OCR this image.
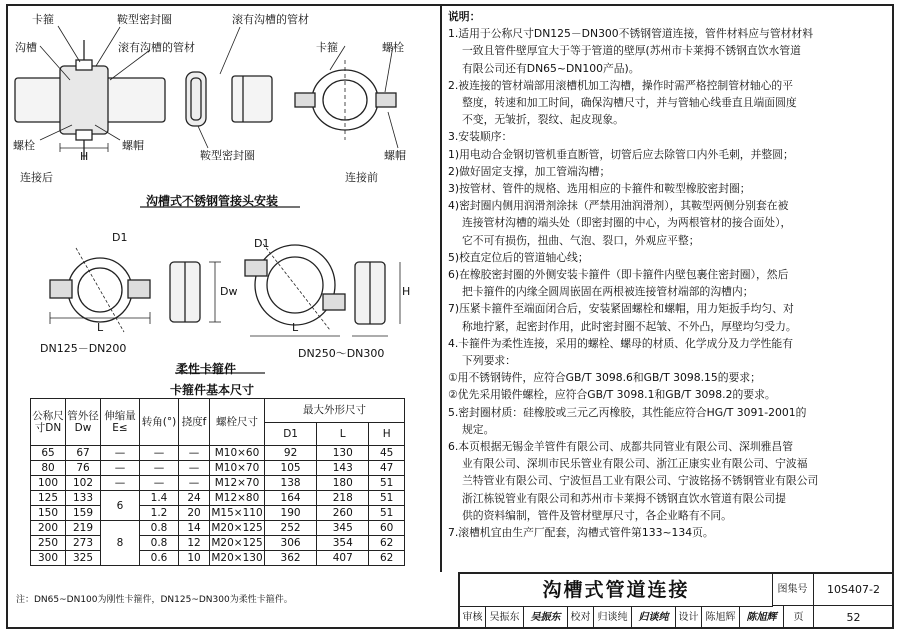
卡箍	鞍型密封圈	滚有沟槽的管材
沟槽	滚有沟槽的管材	卡箍	螺栓
螺栓
H
螺帽
鞍型密封圈	螺帽
连接后	连接前
沟槽式不锈钢管接头安装
D1	D1
Dw
L	L
H
DN125－DN200	DN250～DN300
柔性卡箍件
卡箍件基本尺寸
公称尺寸DN	管外径Dw	伸缩量E≤	转角(°)	挠度f	螺栓尺寸	最大外形尺寸		
						D1	L	H
65	67	—	—	—	M10×60	92	130	45
80	76	—	—	—	M10×70	105	143	47
100	102	—	—	—	M12×70	138	180	51
125	133	6	1.4	24	M12×80	164	218	51
150	159		1.2	20	M15×110	190	260	51
200	219	8	0.8	14	M20×125	252	345	60
250	273		0.8	12	M20×125	306	354	62
300	325		0.6	10	M20×130	362	407	62
注：DN65~DN100为刚性卡箍件，DN125~DN300为柔性卡箍件。
说明：
1.适用于公称尺寸DN125－DN300不锈钢管道连接，管件材料应与管材材料
一致且管件壁厚宜大于等于管道的壁厚(苏州市卡莱拇不锈钢直饮水管道
有限公司还有DN65~DN100产品)。
2.被连接的管材端部用滚槽机加工沟槽，操作时需严格控制管材轴心的平
整度，转速和加工时间，确保沟槽尺寸，并与管轴心线垂直且端面圆度
不变，无皱折，裂纹、起皮现象。
3.安装顺序：
1)用电动合金钢切管机垂直断管，切管后应去除管口内外毛刺，并整圆；
2)做好固定支撑，加工管端沟槽；
3)按管材、管件的规格、选用相应的卡箍件和鞍型橡胶密封圈；
4)密封圈内侧用润滑剂涂抹（严禁用油润滑剂），其鞍型两侧分别套在被
连接管材沟槽的端头处（即密封圈的中心，为两根管材的接合面处），
它不可有损伤，扭曲、气泡、裂口，外观应平整；
5)校直定位后的管道轴心线；
6)在橡胶密封圈的外侧安装卡箍件（即卡箍件内壁包裹住密封圈），然后
把卡箍件的内缘全圆周嵌固在两根被连接管材端部的沟槽内；
7)压紧卡箍件至端面闭合后，安装紧固螺栓和螺帽，用力矩扳手均匀、对
称地拧紧，起密封作用，此时密封圈不起皱、不外凸，厚壁均匀受力。
4.卡箍件为柔性连接，采用的螺栓、螺母的材质、化学成分及力学性能有
下列要求：
①用不锈钢铸件，应符合GB/T 3098.6和GB/T 3098.15的要求；
②优先采用锻件螺栓，应符合GB/T 3098.1和GB/T 3098.2的要求。
5.密封圈材质：硅橡胶或三元乙丙橡胶，其性能应符合HG/T 3091-2001的
规定。
6.本页根据无锡金羊管件有限公司、成都共同管业有限公司、深圳雅昌管
业有限公司、深圳市民乐管业有限公司、浙江正康实业有限公司、宁波福
兰特管业有限公司、宁波恒昌工业有限公司、宁波铭扬不锈钢管业有限公司
浙江栋锐管业有限公司和苏州市卡莱拇不锈钢直饮水管道有限公司提
供的资料编制，管件及管材壁厚尺寸，各企业略有不同。
7.滚槽机宜由生产厂配套，沟槽式管件第133~134页。
沟槽式管道连接	图集号	10S407-2
审核 吴振东	吴振东	校对 归谈纯	归谈纯	设计 陈旭辉	陈旭辉	页	52
